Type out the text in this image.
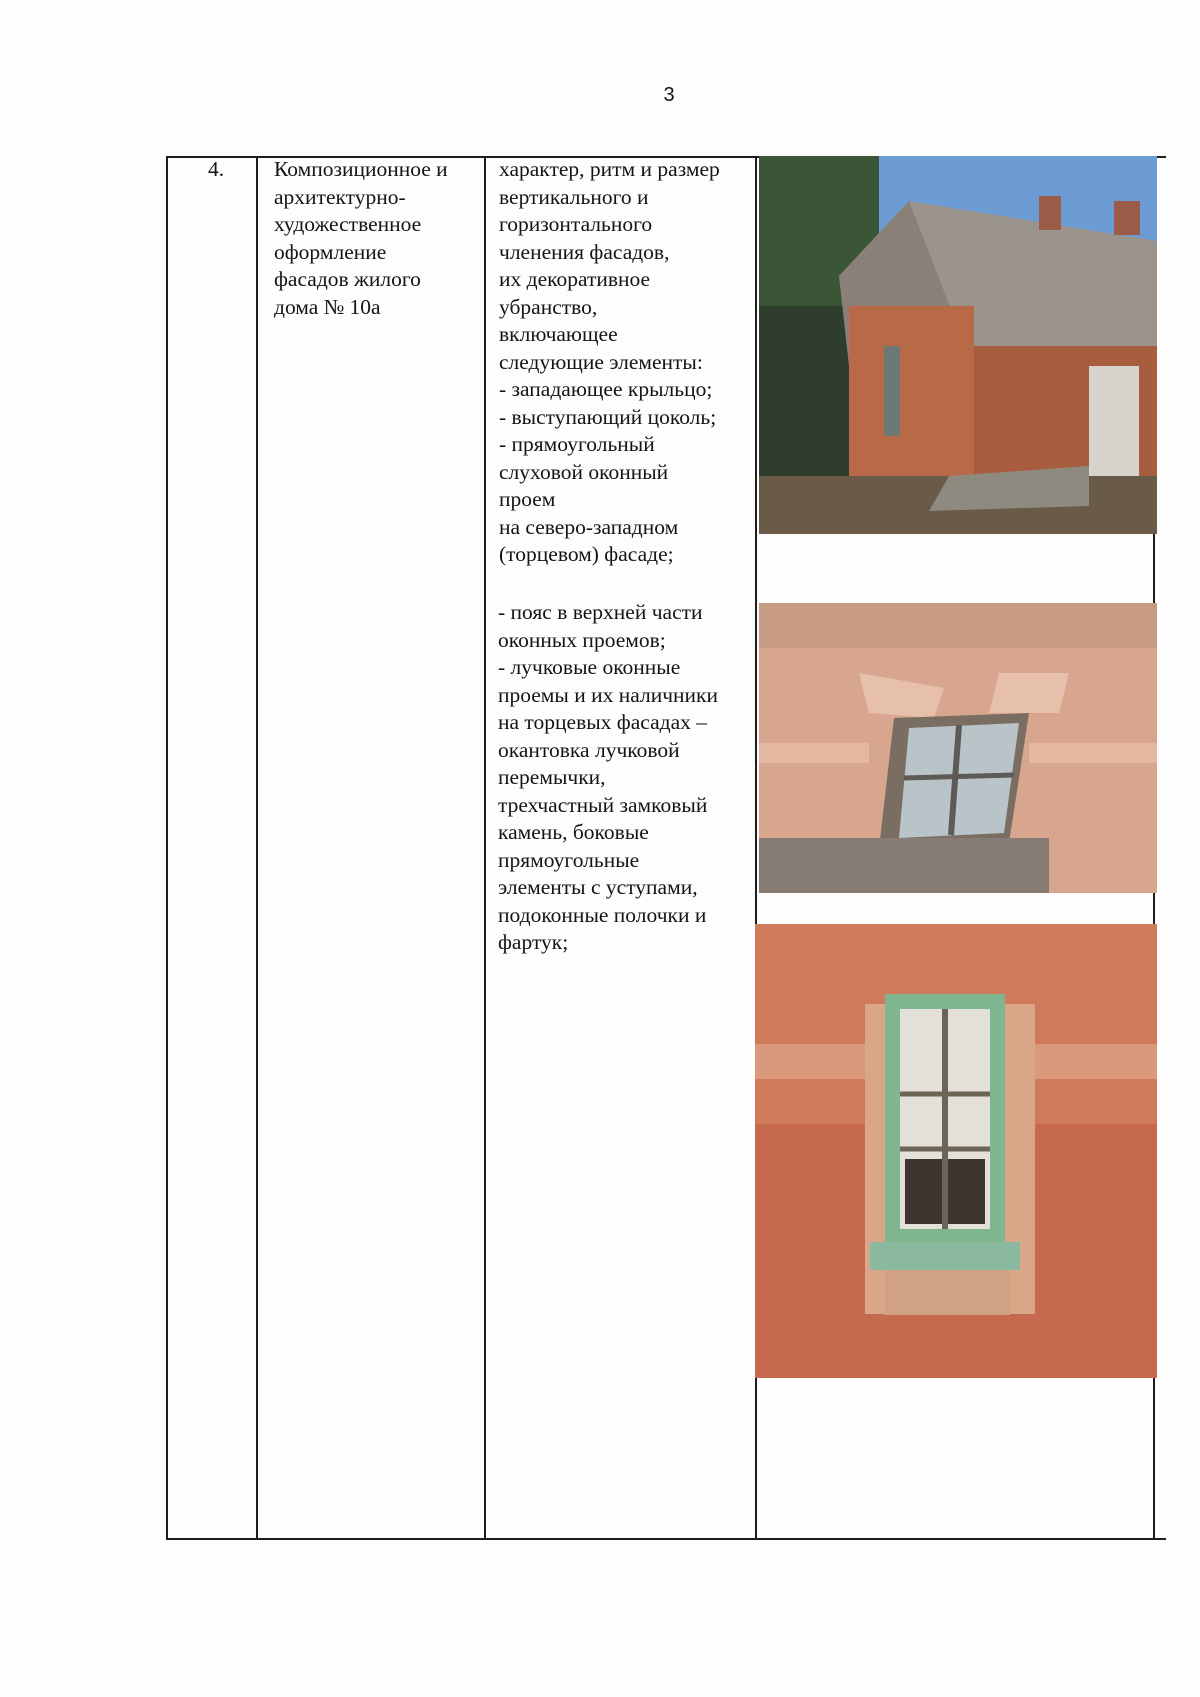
3
4. Композиционное и
архитектурно-
художественное
оформление
фасадов жилого
дома № 10а
характер, ритм и размер
вертикального и
горизонтального
членения фасадов,
их декоративное
убранство,
включающее
следующие элементы:
- западающее крыльцо;
- выступающий цоколь;
- прямоугольный
слуховой оконный
проем
на северо-западном
(торцевом) фасаде;
- пояс в верхней части
оконных проемов;
- лучковые оконные
проемы и их наличники
на торцевых фасадах –
окантовка лучковой
перемычки,
трехчастный замковый
камень, боковые
прямоугольные
элементы с уступами,
подоконные полочки и
фартук;
